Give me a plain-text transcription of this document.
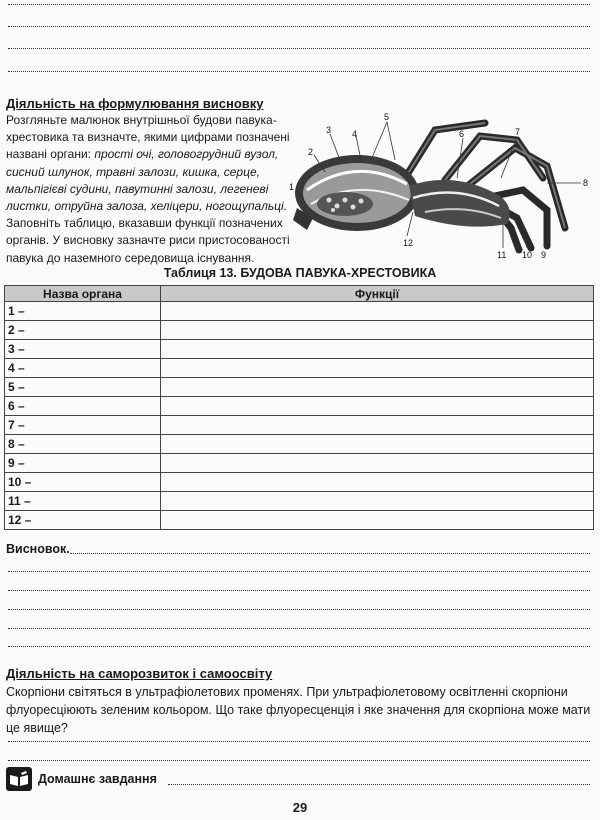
Діяльність на формулювання висновку
Розгляньте малюнок внутрішньої будови павука-хрестовика та визначте, якими цифрами позначені названі органи: прості очі, головогрудний вузол, сисний шлунок, травні залози, кишка, серце, мальпігієві судини, павутинні залози, легеневі листки, отруйна залоза, хеліцери, ногощупальці. Заповніть таблицю, вказавши функції позначених органів. У висновку зазначте риси пристосованості павука до наземного середовища існування.
1
2
3 4
5
6	7
8
9
10
11
12
Таблиця 13. БУДОВА ПАВУКА-ХРЕСТОВИКА
Назва органа	Функції
1 –	
2 –	
3 –	
4 –	
5 –	
6 –	
7 –	
8 –	
9 –	
10 –	
11 –	
12 –	
Висновок.
Діяльність на саморозвиток і самоосвіту
Скорпіони світяться в ультрафіолетових променях. При ультрафіолетовому освітленні скорпіони флуоресціюють зеленим кольором. Що таке флуоресценція і яке значення для скорпіона може мати це явище?
Домашнє завдання
29
